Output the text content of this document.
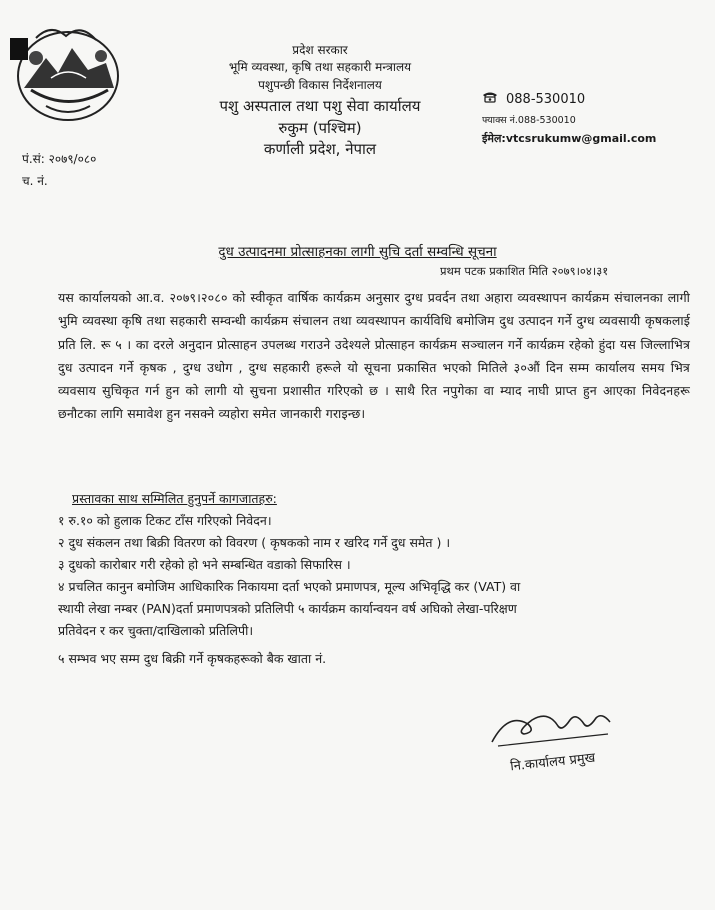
प्रदेश सरकार
भूमि व्यवस्था, कृषि तथा सहकारी मन्त्रालय
पशुपन्छी विकास निर्देशनालय
पशु अस्पताल तथा पशु सेवा कार्यालय
रुकुम (पश्चिम)
कर्णाली प्रदेश, नेपाल
088-530010
फ्याक्स नं.088-530010
ईमेल:vtcsrukumw@gmail.com
पं.सं: २०७९/०८०
च. नं.
दुध उत्पादनमा प्रोत्साहनका लागी सुचि दर्ता सम्वन्धि सूचना
प्रथम पटक प्रकाशित मिति २०७९।०४।३१
यस कार्यालयको आ.व. २०७९।२०८० को स्वीकृत वार्षिक कार्यक्रम अनुसार दुग्ध प्रवर्दन तथा अहारा व्यवस्थापन कार्यक्रम संचालनका लागी भुमि व्यवस्था कृषि तथा सहकारी सम्वन्धी कार्यक्रम संचालन तथा व्यवस्थापन कार्यविधि बमोजिम दुध उत्पादन गर्ने दुग्ध व्यवसायी कृषकलाई प्रति लि. रू ५ । का दरले अनुदान प्रोत्साहन उपलब्ध गराउने उदेश्यले प्रोत्साहन कार्यक्रम सञ्चालन गर्ने कार्यक्रम रहेको हुंदा यस जिल्लाभित्र दुध उत्पादन गर्ने कृषक , दुग्ध उधोग , दुग्ध सहकारी हरूले यो सूचना प्रकासित भएको मितिले ३०औं दिन सम्म कार्यालय समय भित्र व्यवसाय सुचिकृत गर्न हुन को लागी यो सुचना प्रशासीत गरिएको छ । साथै रित नपुगेका वा म्याद नाघी प्राप्त हुन आएका निवेदनहरू छनौटका लागि समावेश हुन नसक्ने व्यहोरा समेत जानकारी गराइन्छ।
प्रस्तावका साथ सम्मिलित हुनुपर्ने कागजातहरु:
१ रु.१० को हुलाक टिकट टाँस गरिएको निवेदन।
२ दुध संकलन तथा बिक्री वितरण को विवरण ( कृषकको नाम र खरिद गर्ने दुध समेत ) ।
३ दुधको कारोबार गरी रहेको हो भने सम्बन्धित वडाको सिफारिस ।
४ प्रचलित कानुन बमोजिम आधिकारिक निकायमा दर्ता भएको प्रमाणपत्र, मूल्य अभिवृद्धि कर (VAT) वा
स्थायी लेखा नम्बर (PAN)दर्ता प्रमाणपत्रको प्रतिलिपी ५ कार्यक्रम कार्यान्वयन वर्ष अघिको लेखा-परिक्षण
प्रतिवेदन र कर चुक्ता/दाखिलाको प्रतिलिपी।
५ सम्भव भए सम्म दुध बिक्री गर्ने कृषकहरूको बैक खाता नं.
नि.कार्यालय प्रमुख
